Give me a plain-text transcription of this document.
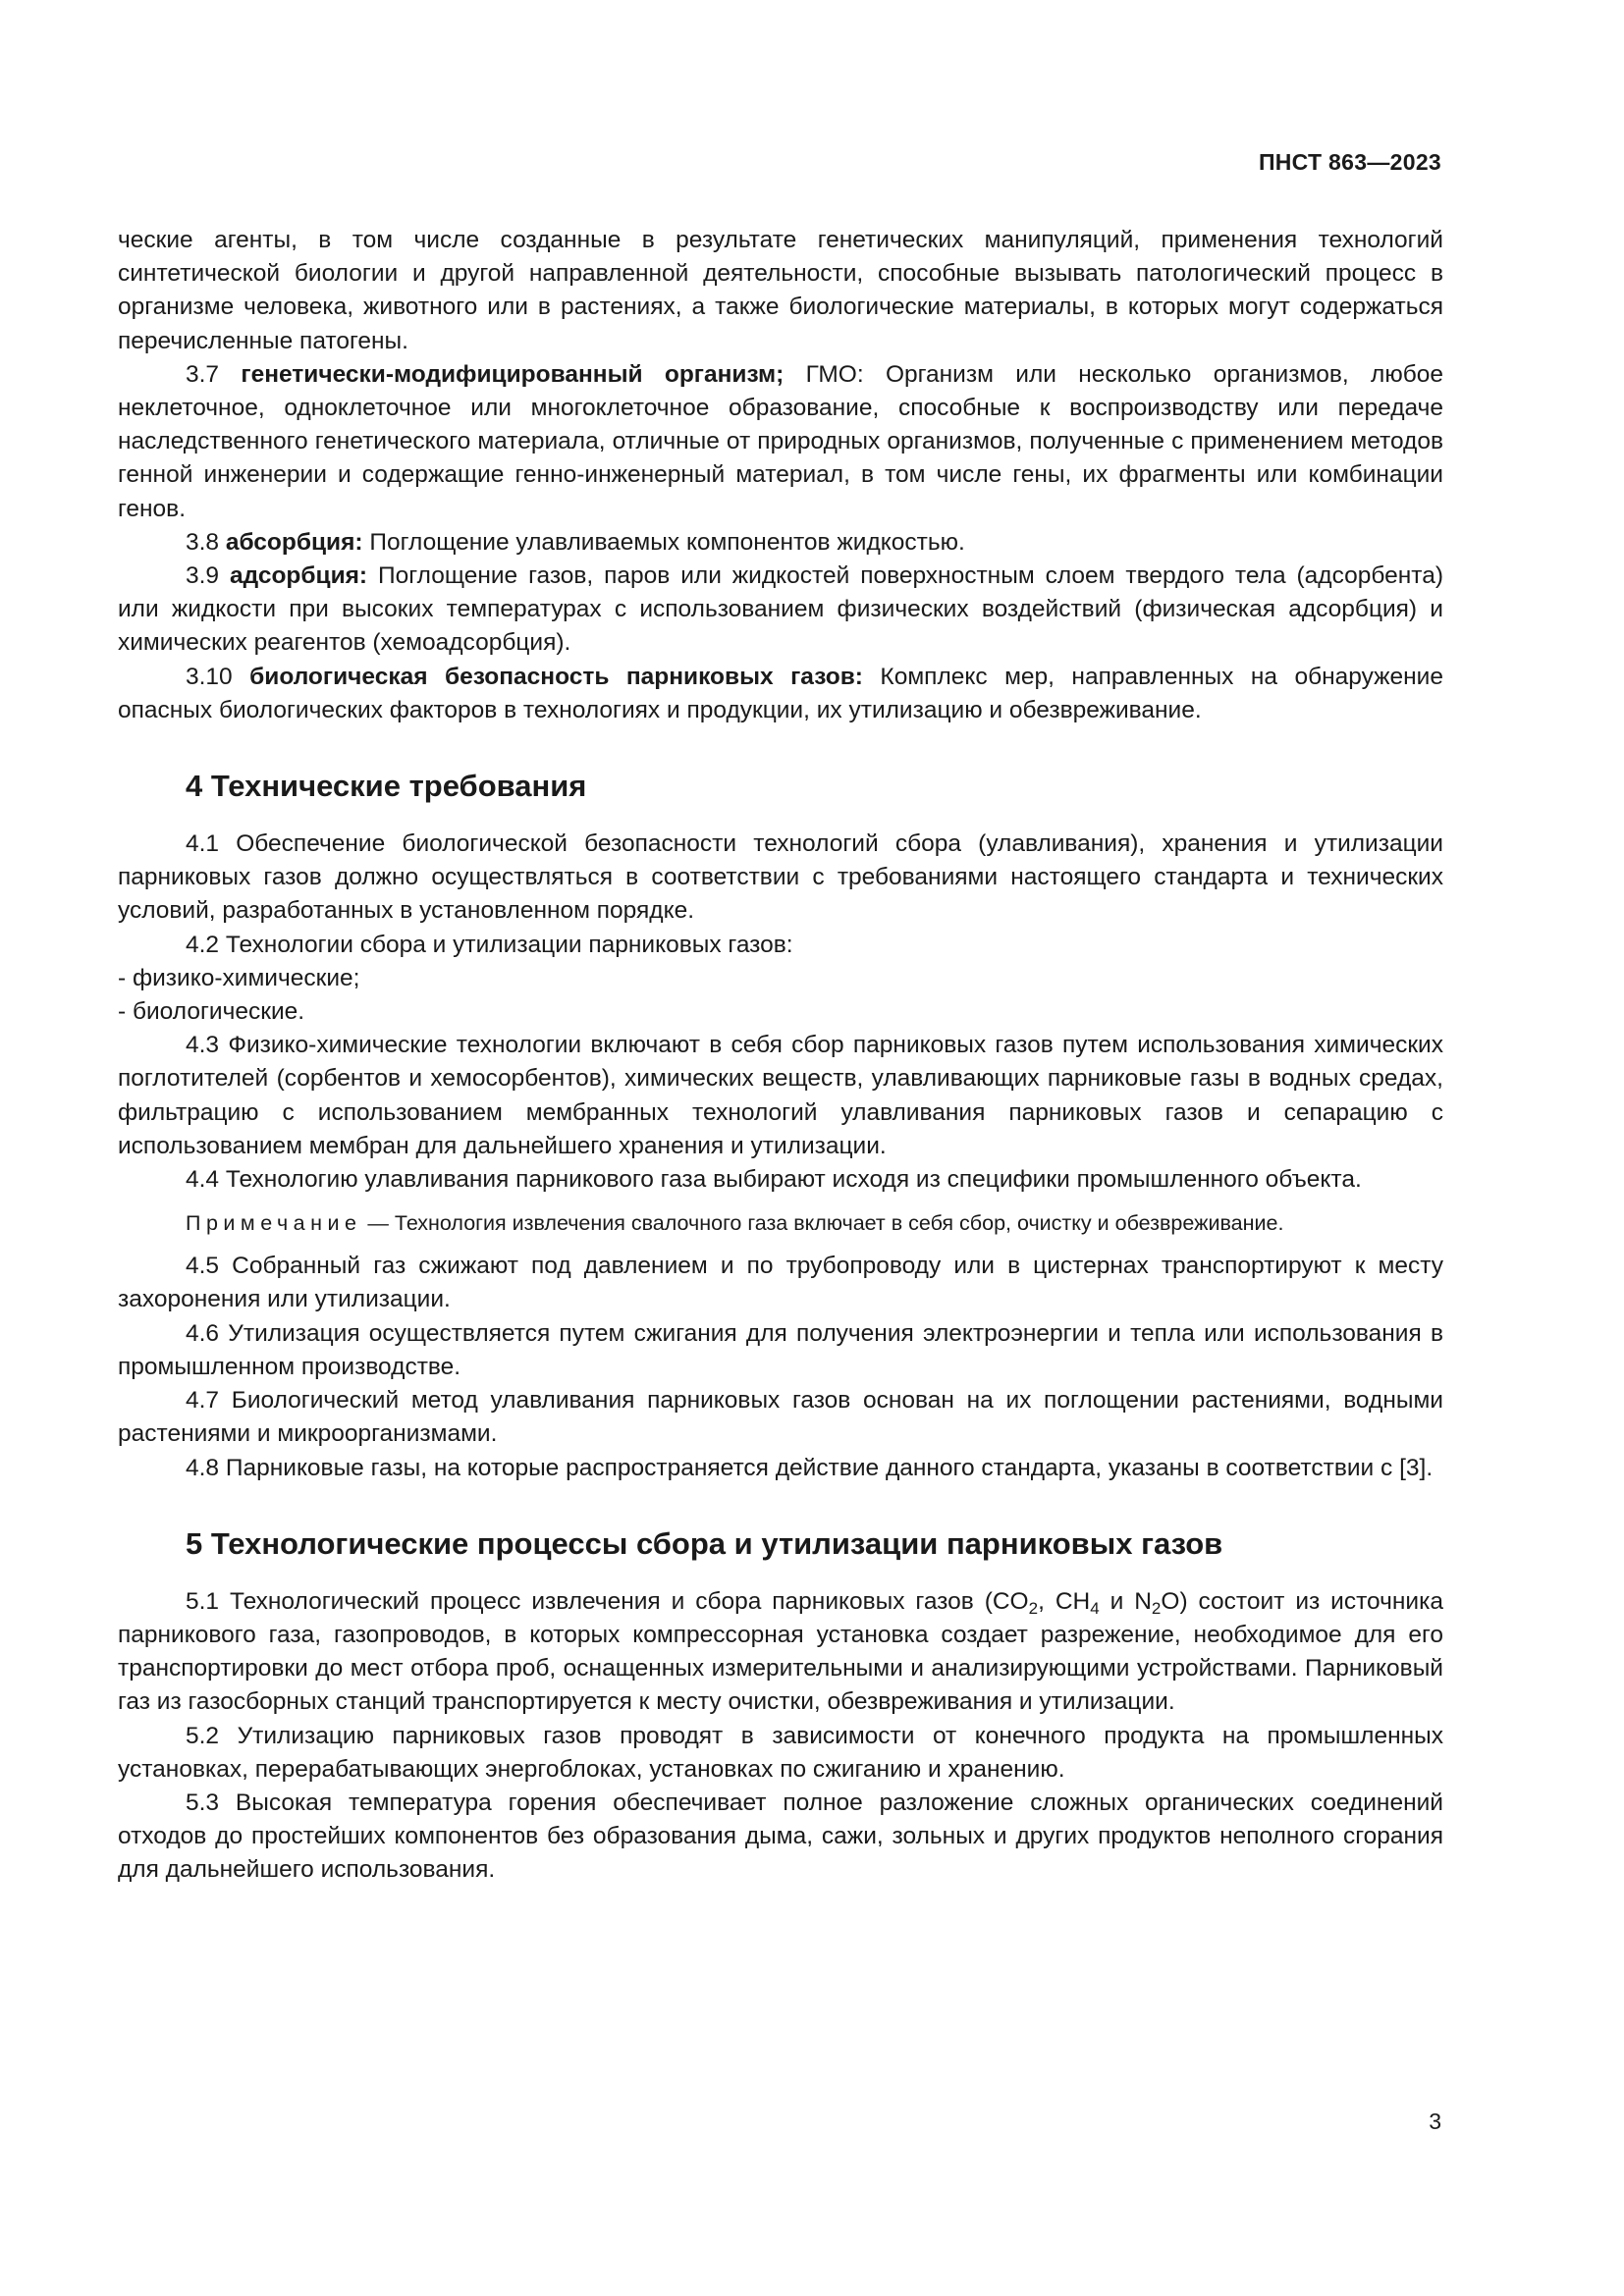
ПНСТ 863—2023

ческие агенты, в том числе созданные в результате генетических манипуляций, применения технологий синтетической биологии и другой направленной деятельности, способные вызывать патологический процесс в организме человека, животного или в растениях, а также биологические материалы, в которых могут содержаться перечисленные патогены.

3.7 генетически-модифицированный организм; ГМО: Организм или несколько организмов, любое неклеточное, одноклеточное или многоклеточное образование, способные к воспроизводству или передаче наследственного генетического материала, отличные от природных организмов, полученные с применением методов генной инженерии и содержащие генно-инженерный материал, в том числе гены, их фрагменты или комбинации генов.

3.8 абсорбция: Поглощение улавливаемых компонентов жидкостью.

3.9 адсорбция: Поглощение газов, паров или жидкостей поверхностным слоем твердого тела (адсорбента) или жидкости при высоких температурах с использованием физических воздействий (физическая адсорбция) и химических реагентов (хемоадсорбция).

3.10 биологическая безопасность парниковых газов: Комплекс мер, направленных на обнаружение опасных биологических факторов в технологиях и продукции, их утилизацию и обезвреживание.

4 Технические требования

4.1 Обеспечение биологической безопасности технологий сбора (улавливания), хранения и утилизации парниковых газов должно осуществляться в соответствии с требованиями настоящего стандарта и технических условий, разработанных в установленном порядке.

4.2 Технологии сбора и утилизации парниковых газов:

- физико-химические;

- биологические.

4.3 Физико-химические технологии включают в себя сбор парниковых газов путем использования химических поглотителей (сорбентов и хемосорбентов), химических веществ, улавливающих парниковые газы в водных средах, фильтрацию с использованием мембранных технологий улавливания парниковых газов и сепарацию с использованием мембран для дальнейшего хранения и утилизации.

4.4 Технологию улавливания парникового газа выбирают исходя из специфики промышленного объекта.

Примечание — Технология извлечения свалочного газа включает в себя сбор, очистку и обезвреживание.

4.5 Собранный газ сжижают под давлением и по трубопроводу или в цистернах транспортируют к месту захоронения или утилизации.

4.6 Утилизация осуществляется путем сжигания для получения электроэнергии и тепла или использования в промышленном производстве.

4.7 Биологический метод улавливания парниковых газов основан на их поглощении растениями, водными растениями и микроорганизмами.

4.8 Парниковые газы, на которые распространяется действие данного стандарта, указаны в соответствии с [3].

5 Технологические процессы сбора и утилизации парниковых газов

5.1 Технологический процесс извлечения и сбора парниковых газов ($CO_2$, $CH_4$ и $N_2O$) состоит из источника парникового газа, газопроводов, в которых компрессорная установка создает разрежение, необходимое для его транспортировки до мест отбора проб, оснащенных измерительными и анализирующими устройствами. Парниковый газ из газосборных станций транспортируется к месту очистки, обезвреживания и утилизации.

5.2 Утилизацию парниковых газов проводят в зависимости от конечного продукта на промышленных установках, перерабатывающих энергоблоках, установках по сжиганию и хранению.

5.3 Высокая температура горения обеспечивает полное разложение сложных органических соединений отходов до простейших компонентов без образования дыма, сажи, зольных и других продуктов неполного сгорания для дальнейшего использования.

3
